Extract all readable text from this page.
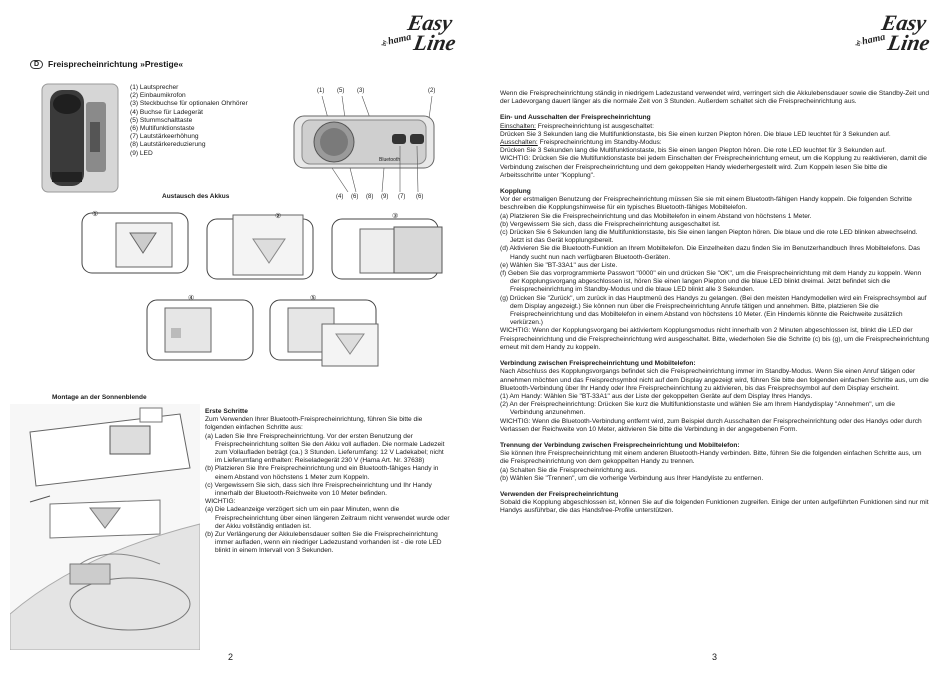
by hama
Easy
Line
D	Freisprecheinrichtung »Prestige«
(1) Lautsprecher
(2) Einbaumikrofon
(3) Steckbuchse für optionalen Ohrhörer
(4) Buchse für Ladegerät
(5) Stummschalttaste
(6) Multifunktionstaste
(7) Lautstärkeerhöhung
(8) Lautstärkereduzierung
(9) LED
(1) (5) (3)	(2)
Bluetooth
(4) (6) (8) (9) (7) (6)
Austausch des Akkus
①	②	③
④	⑤
Montage an der Sonnenblende
Erste Schritte
Zum Verwenden Ihrer Bluetooth-Freisprecheinrichtung, führen Sie bitte die folgenden einfachen Schritte aus:
(a) Laden Sie Ihre Freisprecheinrichtung. Vor der ersten Benutzung der Freisprecheinrichtung sollten Sie den Akku voll aufladen. Die normale Ladezeit zum Vollaufladen beträgt (ca.) 3 Stunden. Lieferumfang: 12 V Ladekabel; nicht im Lieferumfang enthalten: Reiseladegerät 230 V (Hama Art. Nr. 37638)
(b) Platzieren Sie Ihre Freisprecheinrichtung und ein Bluetooth-fähiges Handy in einem Abstand von höchstens 1 Meter zum Koppeln.
(c) Vergewissern Sie sich, dass sich Ihre Freisprecheinrichtung und Ihr Handy innerhalb der Bluetooth-Reichweite von 10 Meter befinden.
WICHTIG:
(a) Die Ladeanzeige verzögert sich um ein paar Minuten, wenn die Freisprecheinrichtung über einen längeren Zeitraum nicht verwendet wurde oder der Akku vollständig entladen ist.
(b) Zur Verlängerung der Akkulebensdauer sollten Sie die Freisprecheinrichtung immer aufladen, wenn ein niedriger Ladezustand vorhanden ist - die rote LED blinkt in einem Intervall von 3 Sekunden.
2
by hama
Easy
Line
Wenn die Freisprecheinrichtung ständig in niedrigem Ladezustand verwendet wird, verringert sich die Akkulebensdauer sowie die Standby-Zeit und der Ladevorgang dauert länger als die normale Zeit von 3 Stunden. Außerdem schaltet sich die Freisprecheinrichtung aus.
Ein- und Ausschalten der Freisprecheinrichtung
Einschalten: Freisprecheinrichtung ist ausgeschaltet:
Drücken Sie 3 Sekunden lang die Multifunktionstaste, bis Sie einen kurzen Piepton hören. Die blaue LED leuchtet für 3 Sekunden auf.
Ausschalten: Freisprecheinrichtung im Standby-Modus:
Drücken Sie 3 Sekunden lang die Multifunktionstaste, bis Sie einen langen Piepton hören. Die rote LED leuchtet für 3 Sekunden auf.
WICHTIG: Drücken Sie die Multifunktionstaste bei jedem Einschalten der Freisprecheinrichtung erneut, um die Kopplung zu reaktivieren, damit die Verbindung zwischen der Freisprecheinrichtung und dem gekoppelten Handy wiederhergestellt wird. Zum Koppeln lesen Sie bitte die Arbeitsschritte unter "Kopplung".
Kopplung
Vor der erstmaligen Benutzung der Freisprecheinrichtung müssen Sie sie mit einem Bluetooth-fähigen Handy koppeln. Die folgenden Schritte beschreiben die Kopplungshinweise für ein typisches Bluetooth-fähiges Mobiltelefon.
(a) Platzieren Sie die Freisprecheinrichtung und das Mobiltelefon in einem Abstand von höchstens 1 Meter.
(b) Vergewissern Sie sich, dass die Freisprecheinrichtung ausgeschaltet ist.
(c) Drücken Sie 6 Sekunden lang die Multifunktionstaste, bis Sie einen langen Piepton hören. Die blaue und die rote LED blinken abwechselnd. Jetzt ist das Gerät kopplungsbereit.
(d) Aktivieren Sie die Bluetooth-Funktion an Ihrem Mobiltelefon. Die Einzelheiten dazu finden Sie im Benutzerhandbuch Ihres Mobiltelefons. Das Handy sucht nun nach verfügbaren Bluetooth-Geräten.
(e) Wählen Sie "BT-33A1" aus der Liste.
(f) Geben Sie das vorprogrammierte Passwort "0000" ein und drücken Sie "OK", um die Freisprecheinrichtung mit dem Handy zu koppeln. Wenn der Kopplungsvorgang abgeschlossen ist, hören Sie einen langen Piepton und die blaue LED blinkt dreimal. Jetzt befindet sich die Freisprecheinrichtung im Standby-Modus und die blaue LED blinkt alle 3 Sekunden.
(g) Drücken Sie "Zurück", um zurück in das Hauptmenü des Handys zu gelangen. (Bei den meisten Handymodellen wird ein Freisprechsymbol auf dem Display angezeigt.) Sie können nun über die Freisprecheinrichtung Anrufe tätigen und annehmen. Bitte, platzieren Sie die Freisprecheinrichtung und das Mobiltelefon in einem Abstand von höchstens 10 Meter. (Ein Hindernis könnte die Reichweite zusätzlich verkürzen.)
WICHTIG: Wenn der Kopplungsvorgang bei aktiviertem Kopplungsmodus nicht innerhalb von 2 Minuten abgeschlossen ist, blinkt die LED der Freisprecheinrichtung und die Freisprecheinrichtung wird ausgeschaltet. Bitte, wiederholen Sie die Schritte (c) bis (g), um die Freisprecheinrichtung erneut mit dem Handy zu koppeln.
Verbindung zwischen Freisprecheinrichtung und Mobiltelefon:
Nach Abschluss des Kopplungsvorgangs befindet sich die Freisprecheinrichtung immer im Standby-Modus. Wenn Sie einen Anruf tätigen oder annehmen möchten und das Freisprechsymbol nicht auf dem Display angezeigt wird, führen Sie bitte den folgenden einfachen Schritte aus, um die Bluetooth-Verbindung über Ihr Handy oder Ihre Freisprecheinrichtung zu aktivieren, bis das Freisprechsymbol auf dem Display erscheint.
(1) Am Handy: Wählen Sie "BT-33A1" aus der Liste der gekoppelten Geräte auf dem Display Ihres Handys.
(2) An der Freisprecheinrichtung: Drücken Sie kurz die Multifunktionstaste und wählen Sie am Ihrem Handydisplay "Annehmen", um die Verbindung anzunehmen.
WICHTIG: Wenn die Bluetooth-Verbindung entfernt wird, zum Beispiel durch Ausschalten der Freisprecheinrichtung oder des Handys oder durch Verlassen der Reichweite von 10 Meter, aktivieren Sie bitte die Verbindung in der angegebenen Form.
Trennung der Verbindung zwischen Freisprecheinrichtung und Mobiltelefon:
Sie können Ihre Freisprecheinrichtung mit einem anderen Bluetooth-Handy verbinden. Bitte, führen Sie die folgenden einfachen Schritte aus, um die Freisprecheinrichtung von dem gekoppelten Handy zu trennen.
(a) Schalten Sie die Freisprecheinrichtung aus.
(b) Wählen Sie "Trennen", um die vorherige Verbindung aus Ihrer Handyliste zu entfernen.
Verwenden der Freisprecheinrichtung
Sobald die Kopplung abgeschlossen ist, können Sie auf die folgenden Funktionen zugreifen. Einige der unten aufgeführten Funktionen sind nur mit Handys ausführbar, die das Handsfree-Profile unterstützen.
3
